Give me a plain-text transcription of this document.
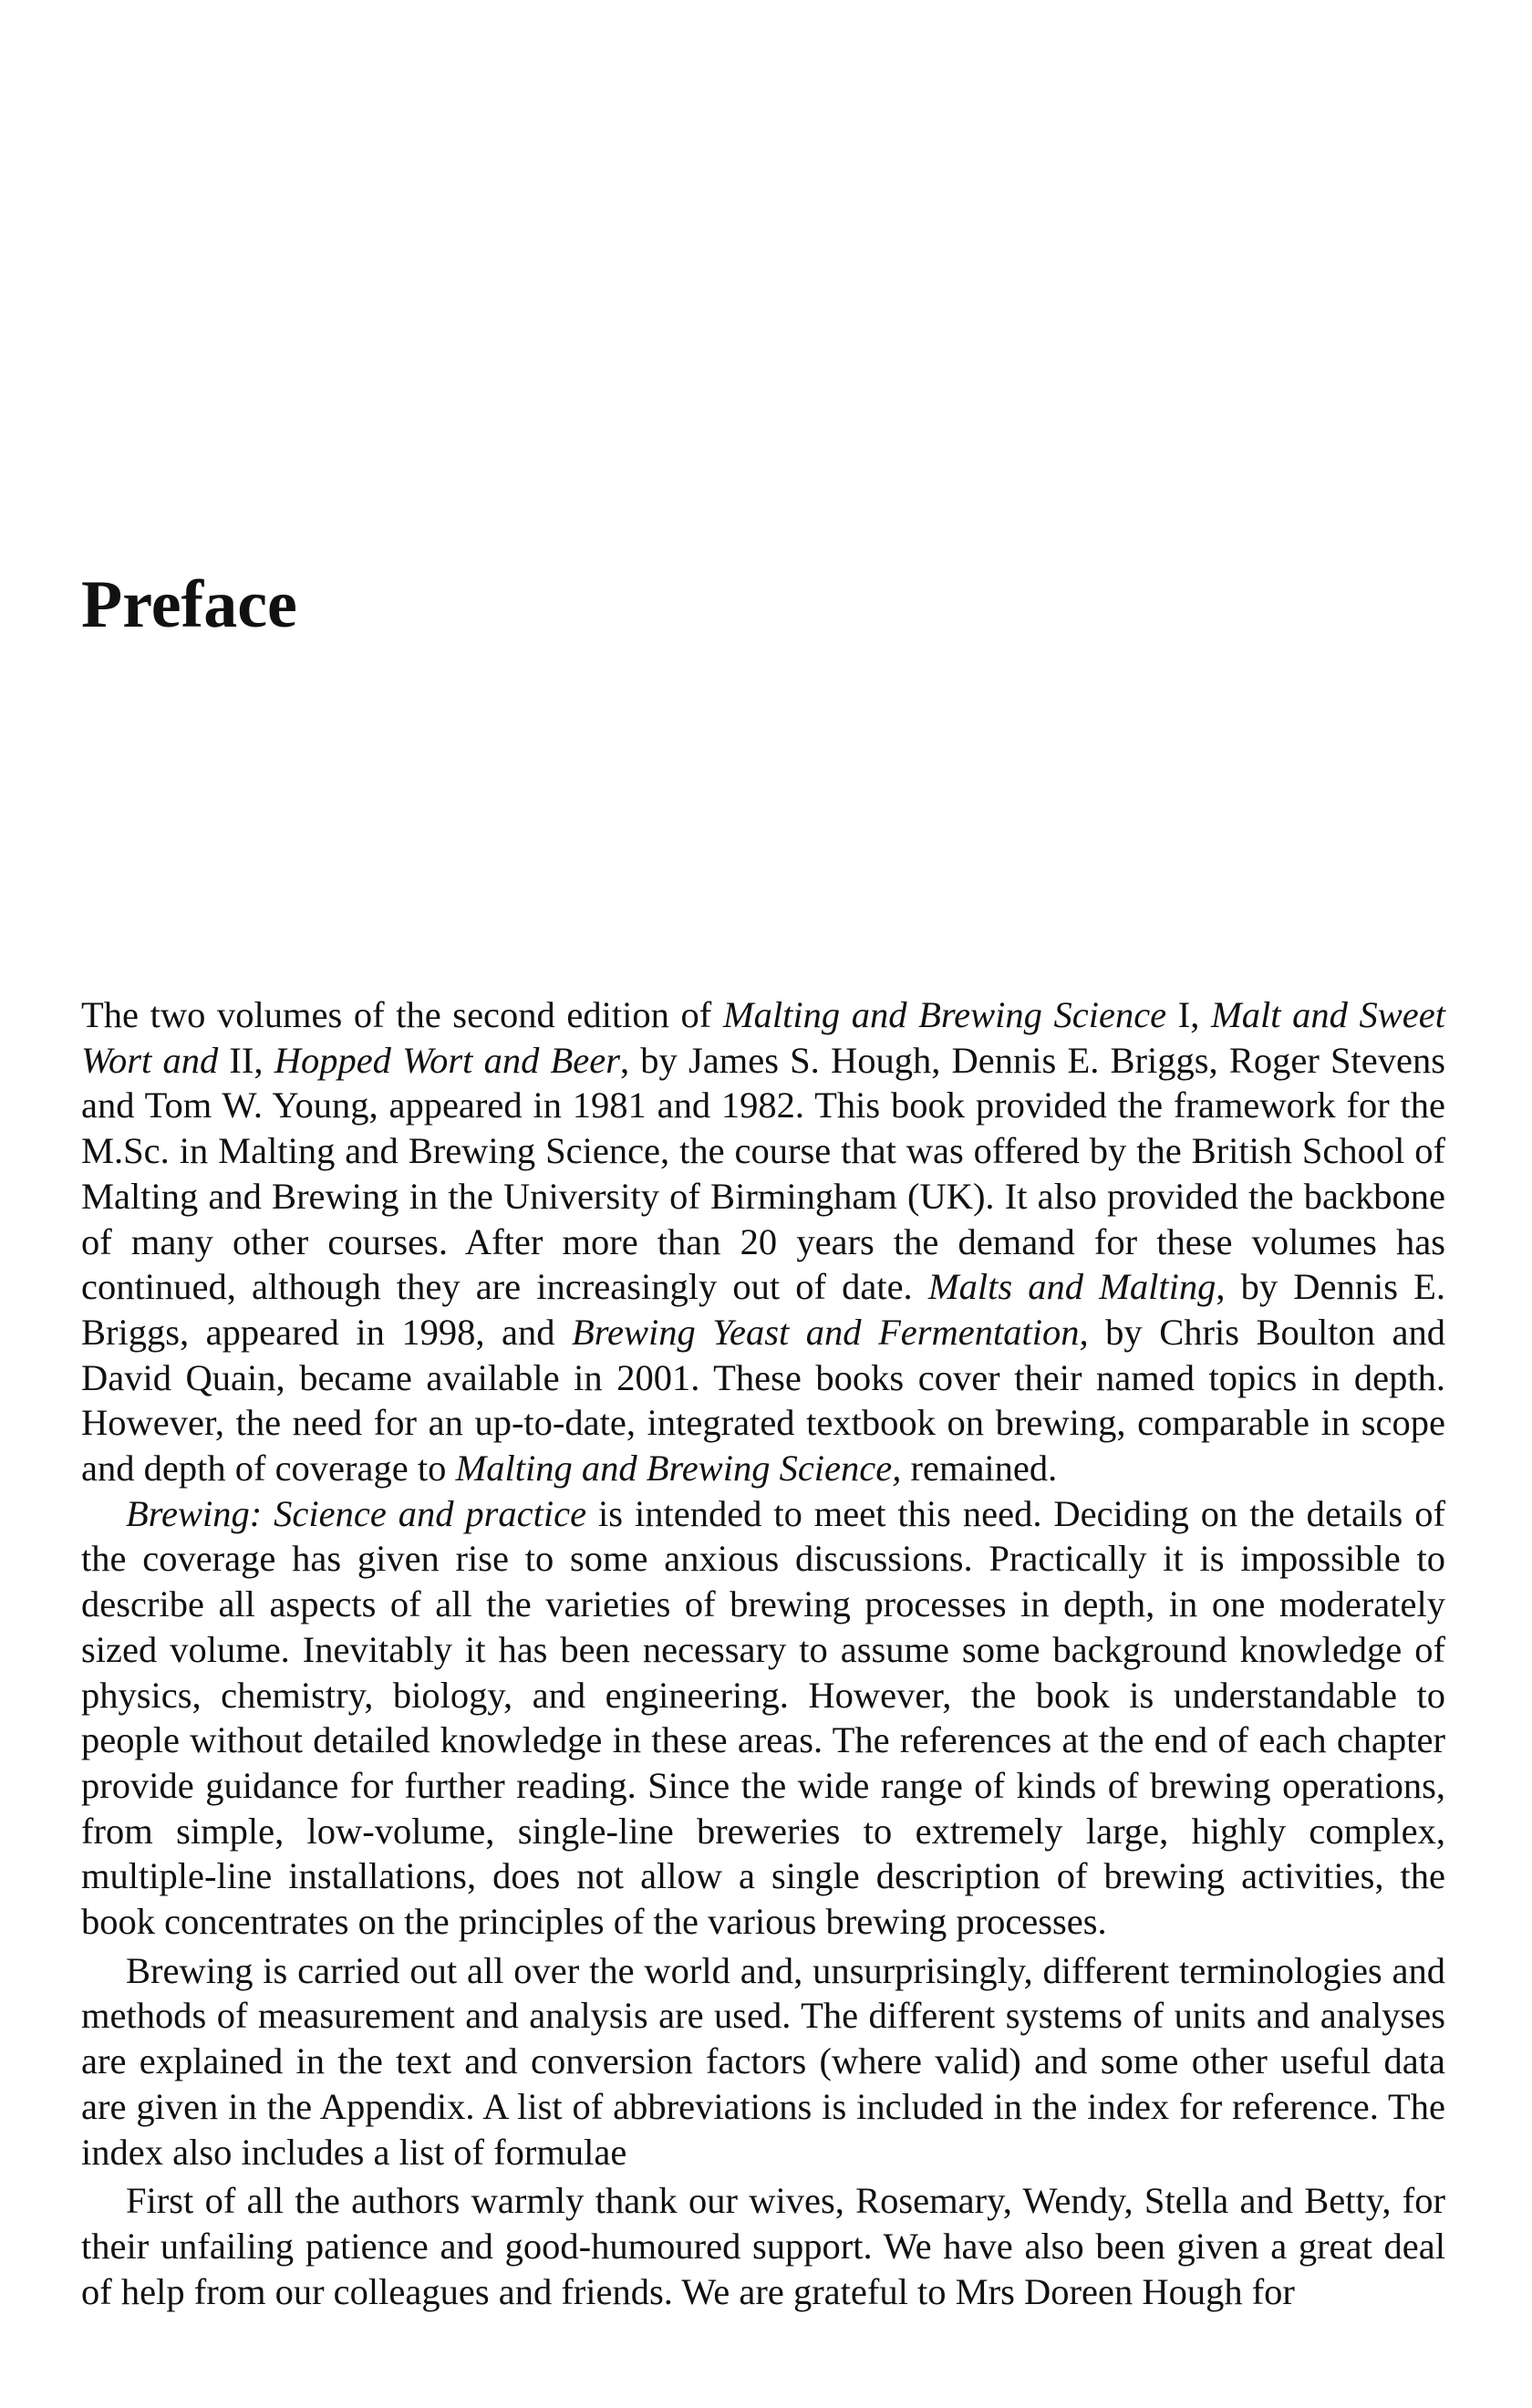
Preface

The two volumes of the second edition of Malting and Brewing Science I, Malt and Sweet Wort and II, Hopped Wort and Beer, by James S. Hough, Dennis E. Briggs, Roger Stevens and Tom W. Young, appeared in 1981 and 1982. This book provided the framework for the M.Sc. in Malting and Brewing Science, the course that was offered by the British School of Malting and Brewing in the University of Birmingham (UK). It also provided the backbone of many other courses. After more than 20 years the demand for these volumes has continued, although they are increasingly out of date. Malts and Malting, by Dennis E. Briggs, appeared in 1998, and Brewing Yeast and Fermentation, by Chris Boulton and David Quain, became available in 2001. These books cover their named topics in depth. However, the need for an up-to-date, integrated textbook on brewing, comparable in scope and depth of coverage to Malting and Brewing Science, remained.

Brewing: Science and practice is intended to meet this need. Deciding on the details of the coverage has given rise to some anxious discussions. Practically it is impossible to describe all aspects of all the varieties of brewing processes in depth, in one moderately sized volume. Inevitably it has been necessary to assume some background knowledge of physics, chemistry, biology, and engineering. However, the book is understandable to people without detailed knowledge in these areas. The references at the end of each chapter provide guidance for further reading. Since the wide range of kinds of brewing operations, from simple, low-volume, single-line breweries to extremely large, highly complex, multiple-line installations, does not allow a single description of brewing activities, the book concentrates on the principles of the various brewing processes.

Brewing is carried out all over the world and, unsurprisingly, different terminologies and methods of measurement and analysis are used. The different systems of units and analyses are explained in the text and conversion factors (where valid) and some other useful data are given in the Appendix. A list of abbreviations is included in the index for reference. The index also includes a list of formulae

First of all the authors warmly thank our wives, Rosemary, Wendy, Stella and Betty, for their unfailing patience and good-humoured support. We have also been given a great deal of help from our colleagues and friends. We are grateful to Mrs Doreen Hough for
